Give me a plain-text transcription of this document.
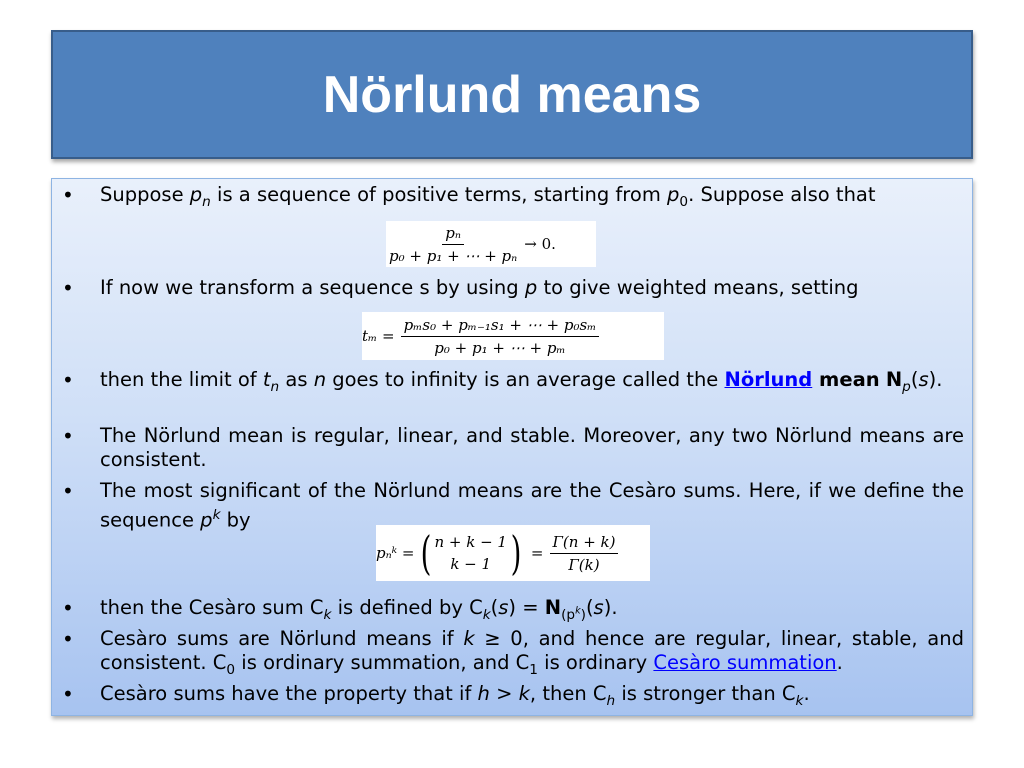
Nörlund means
• Suppose $p_n$ is a sequence of positive terms, starting from $p_0$. Suppose also that
$\frac{\text{pₙ}}{\text{p₀ + p₁ + ⋯ + pₙ}} \to 0$.
• If now we transform a sequence s by using p to give weighted means, setting
$t_m = \frac{\text{pₘs₀ + pₘ₋₁s₁ + ⋯ + p₀sₘ}}{\text{p₀ + p₁ + ⋯ + pₘ}}$
• then the limit of $t_n$ as n goes to infinity is an average called the Nörlund mean $N_p(s)$.
• The Nörlund mean is regular, linear, and stable. Moreover, any two Nörlund means are consistent.
• The most significant of the Nörlund means are the Cesàro sums. Here, if we define the sequence $p^k$ by
pₙᵏ = ( n + k − 1
k − 1 ) = $\frac{\Gamma(n + k)}{\Gamma(k)}$
• then the Cesàro sum $C_k$ is defined by $C_k(s) = N_{(p^k)}(s)$.
• Cesàro sums are Nörlund means if k ≥ 0, and hence are regular, linear, stable, and consistent. $C_0$ is ordinary summation, and $C_1$ is ordinary Cesàro summation.
• Cesàro sums have the property that if h > k, then $C_h$ is stronger than $C_k$.
